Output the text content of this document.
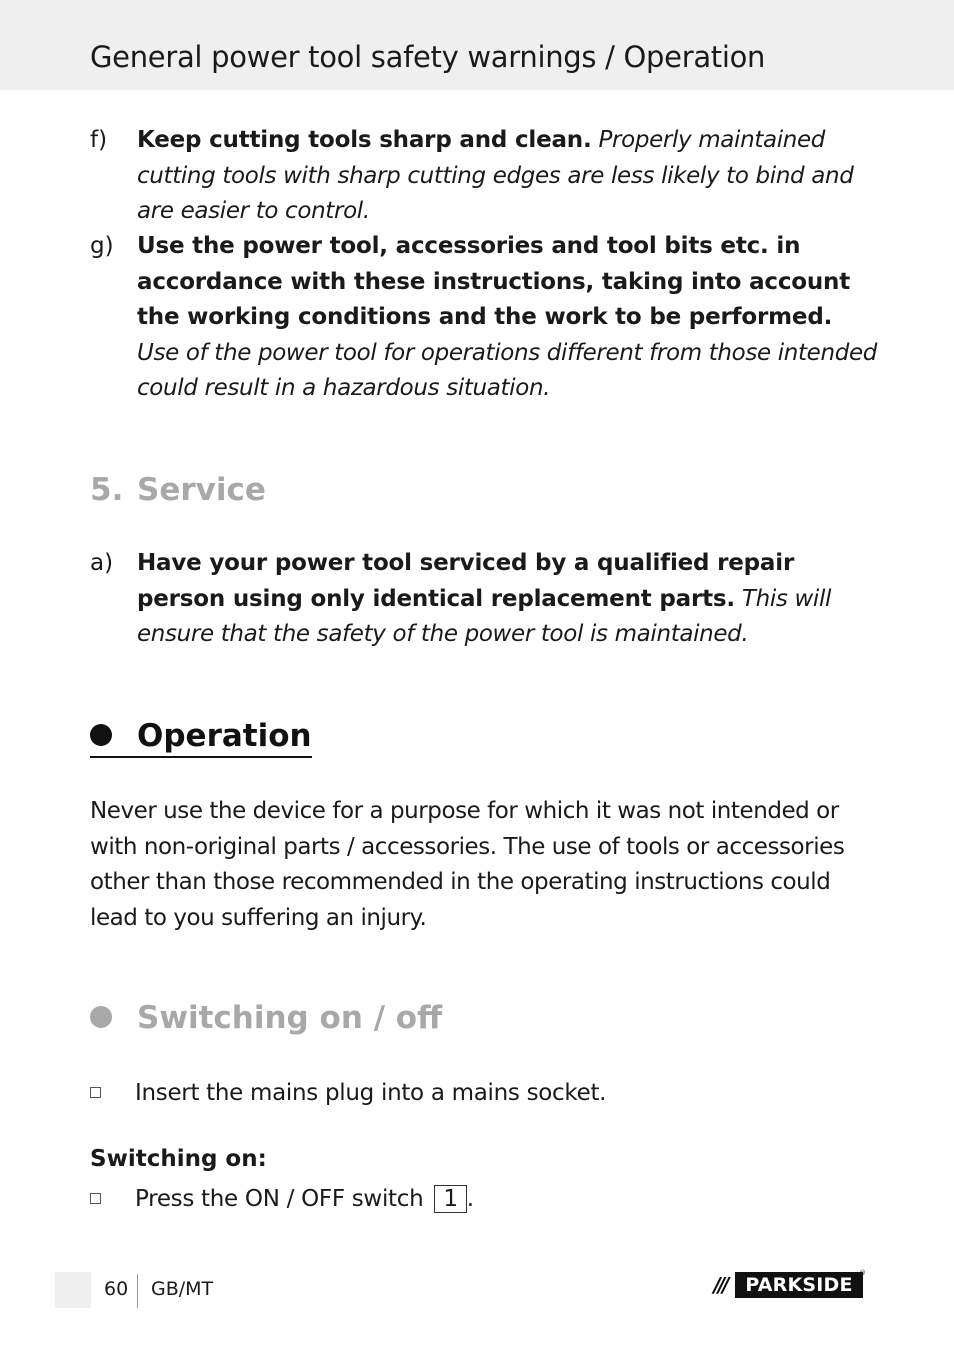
General power tool safety warnings / Operation
f) Keep cutting tools sharp and clean. Properly maintained cutting tools with sharp cutting edges are less likely to bind and are easier to control.
g) Use the power tool, accessories and tool bits etc. in accordance with these instructions, taking into account the working conditions and the work to be performed. Use of the power tool for operations different from those intended could result in a hazardous situation.
5. Service
a) Have your power tool serviced by a qualified repair person using only identical replacement parts. This will ensure that the safety of the power tool is maintained.
Operation
Never use the device for a purpose for which it was not intended or with non-original parts / accessories. The use of tools or accessories other than those recommended in the operating instructions could lead to you suffering an injury.
Switching on / off
Insert the mains plug into a mains socket.
Switching on:
Press the ON / OFF switch 1 .
60 GB/MT	/// PARKSIDE
®
